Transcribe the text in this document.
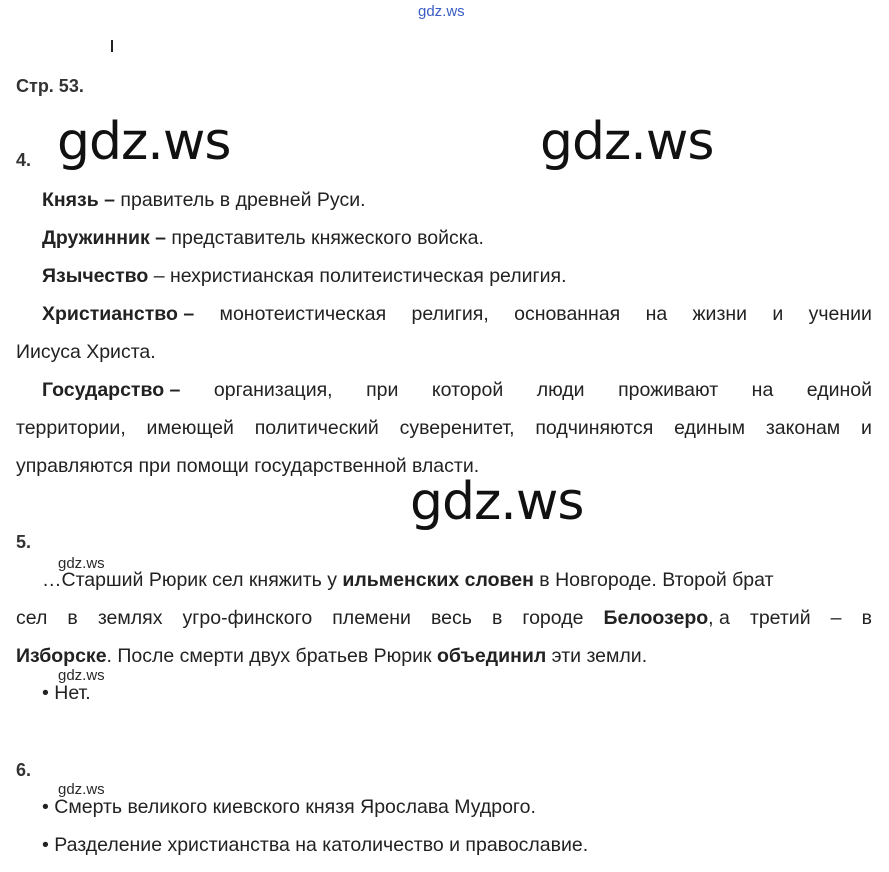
gdz.ws
Стр. 53.
gdz.ws	gdz.ws
4.
Князь – правитель в древней Руси.
Дружинник – представитель княжеского войска.
Язычество – нехристианская политеистическая религия.
Христианство – монотеистическая религия, основанная на жизни и учении
Иисуса Христа.
Государство – организация, при которой люди проживают на единой
территории, имеющей политический суверенитет, подчиняются единым законам и
управляются при помощи государственной власти.
gdz.ws
5.
gdz.ws
…Старший Рюрик сел княжить у ильменских словен в Новгороде. Второй брат
сел в землях угро-финского племени весь в городе Белоозеро, а третий – в
Изборске. После смерти двух братьев Рюрик объединил эти земли.
gdz.ws
• Нет.
6.
gdz.ws
• Смерть великого киевского князя Ярослава Мудрого.
• Разделение христианства на католичество и православие.
